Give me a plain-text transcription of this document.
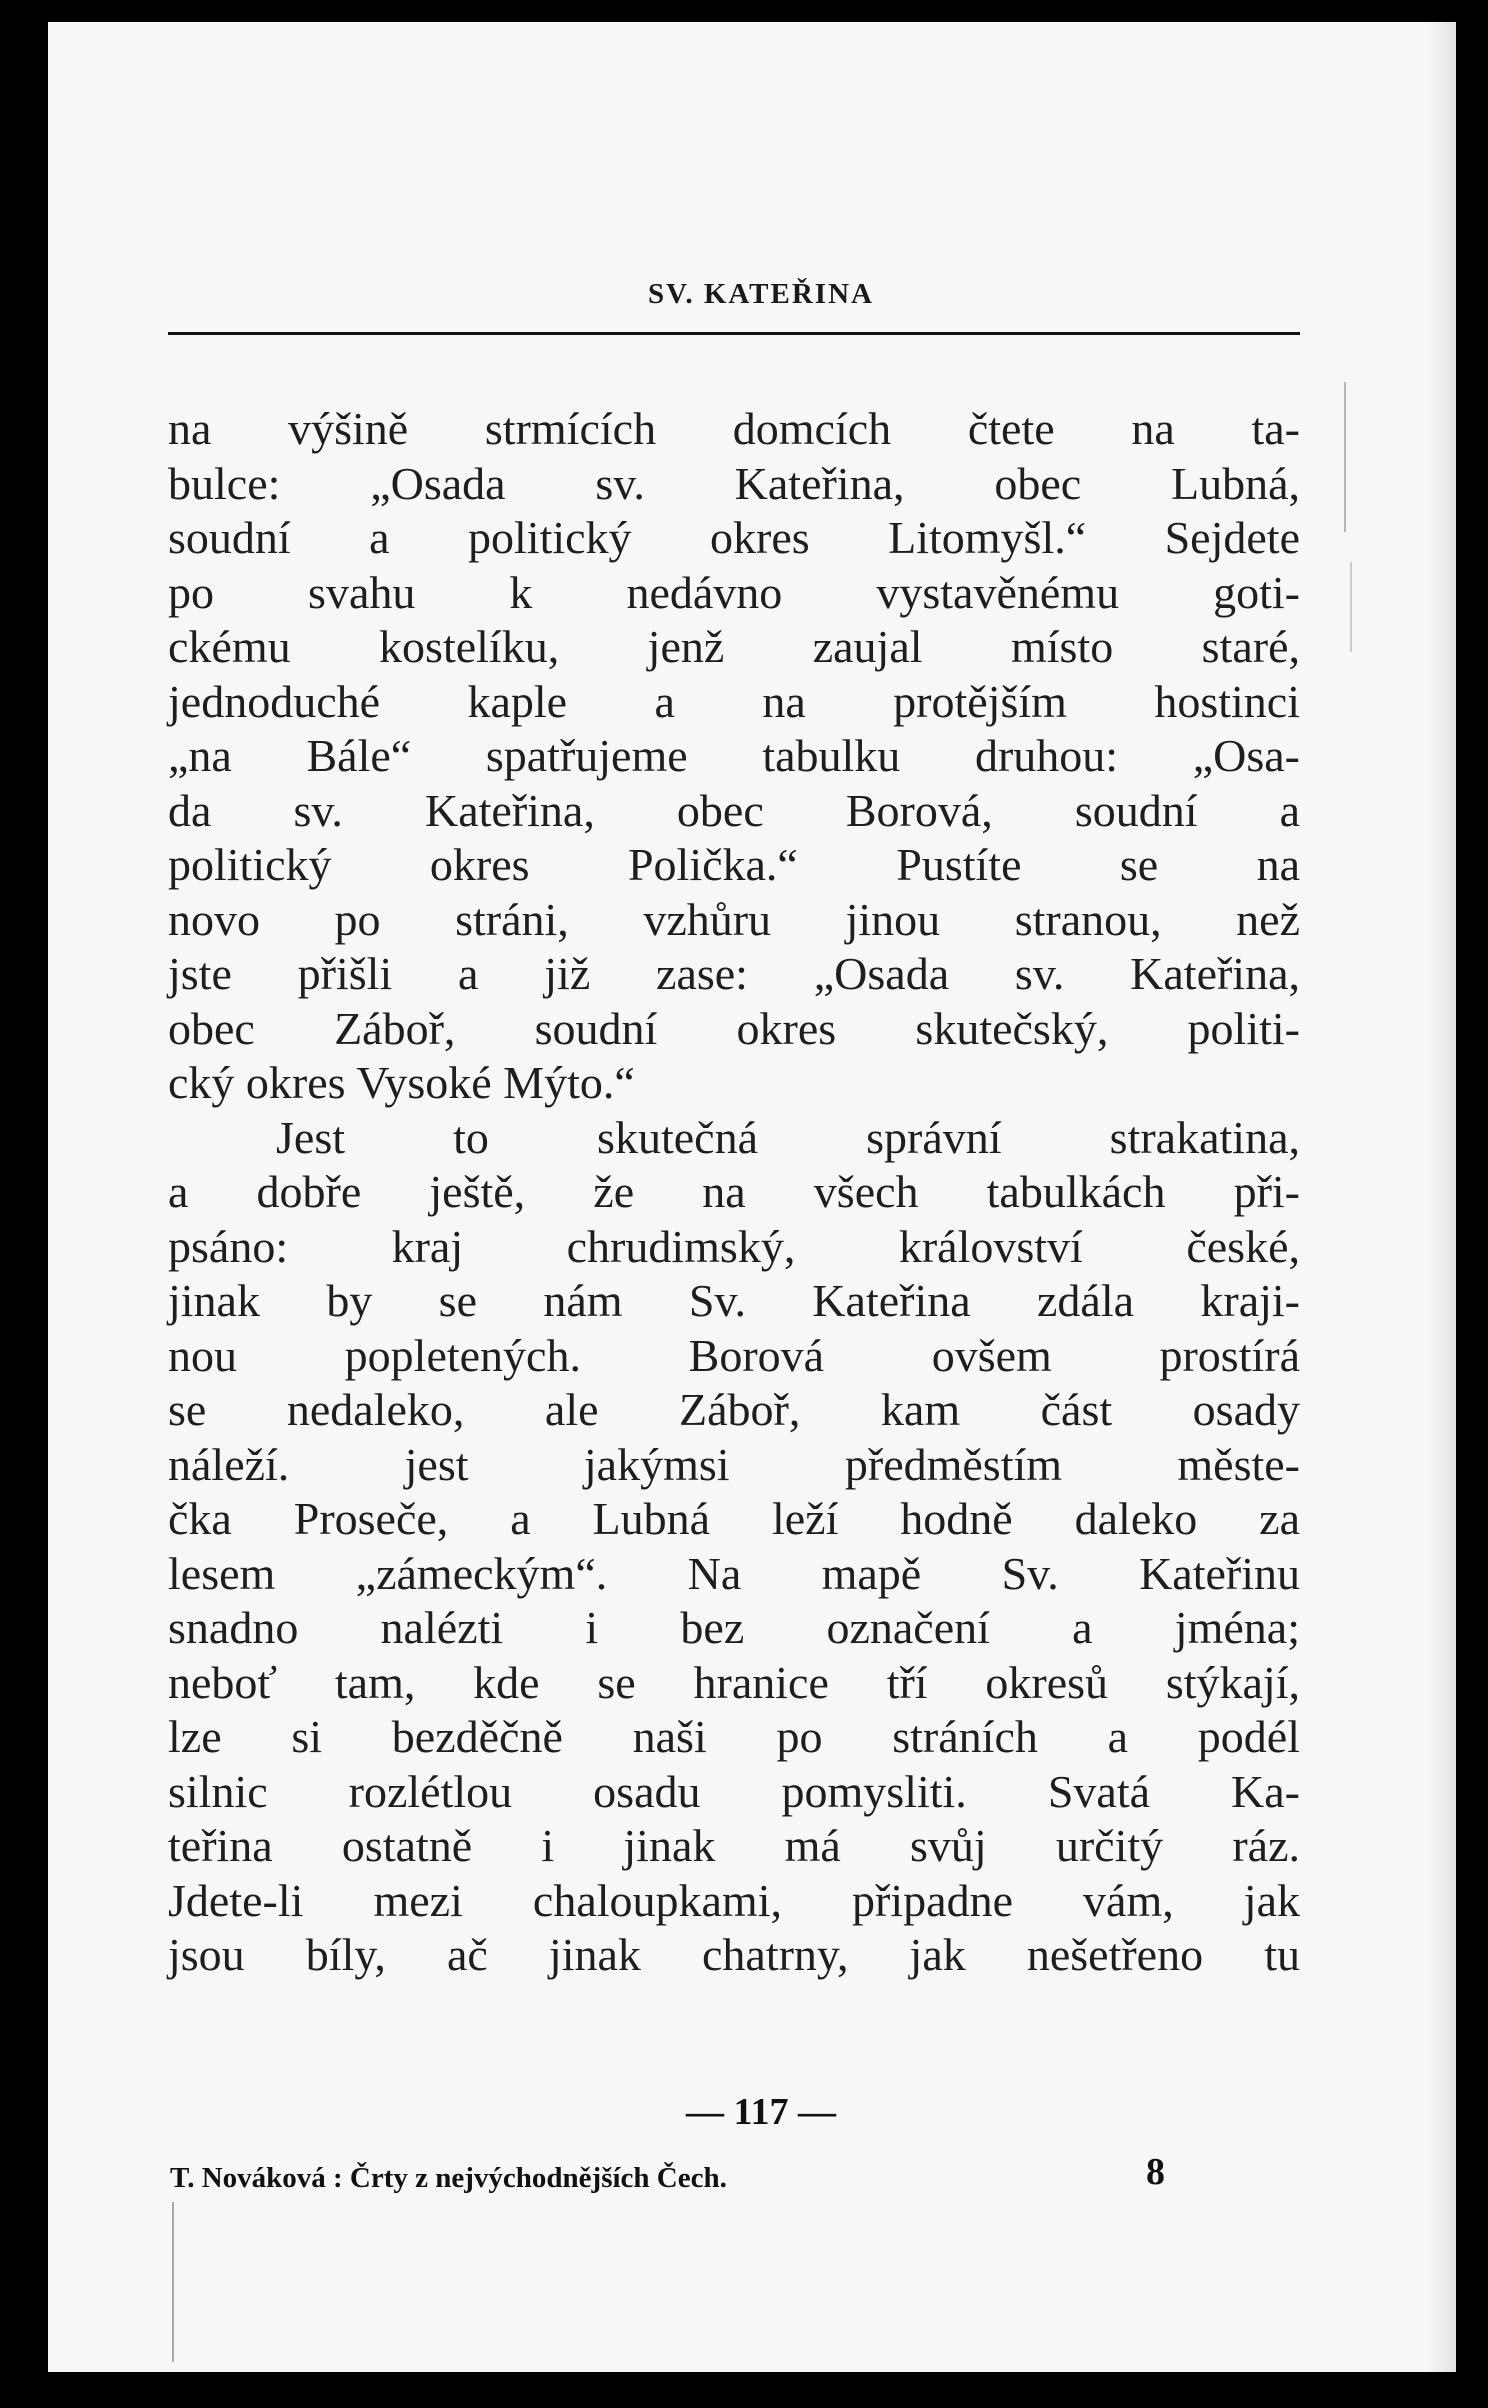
SV. KATEŘINA
na výšině strmících domcích čtete na ta-
bulce: „Osada sv. Kateřina, obec Lubná,
soudní a politický okres Litomyšl.“ Sejdete
po svahu k nedávno vystavěnému goti-
ckému kostelíku, jenž zaujal místo staré,
jednoduché kaple a na protějším hostinci
„na Bále“ spatřujeme tabulku druhou: „Osa-
da sv. Kateřina, obec Borová, soudní a
politický okres Polička.“ Pustíte se na
novo po stráni, vzhůru jinou stranou, než
jste přišli a již zase: „Osada sv. Kateřina,
obec Záboř, soudní okres skutečský, politi-
cký okres Vysoké Mýto.“
Jest to skutečná správní strakatina,
a dobře ještě, že na všech tabulkách při-
psáno: kraj chrudimský, království české,
jinak by se nám Sv. Kateřina zdála kraji-
nou popletených. Borová ovšem prostírá
se nedaleko, ale Záboř, kam část osady
náleží. jest jakýmsi předměstím měste-
čka Proseče, a Lubná leží hodně daleko za
lesem „zámeckým“. Na mapě Sv. Kateřinu
snadno nalézti i bez označení a jména;
neboť tam, kde se hranice tří okresů stýkají,
lze si bezděčně naši po stráních a podél
silnic rozlétlou osadu pomysliti. Svatá Ka-
teřina ostatně i jinak má svůj určitý ráz.
Jdete-li mezi chaloupkami, připadne vám, jak
jsou bíly, ač jinak chatrny, jak nešetřeno tu
— 117 —
T. Nováková : Črty z nejvýchodnějších Čech.	8
